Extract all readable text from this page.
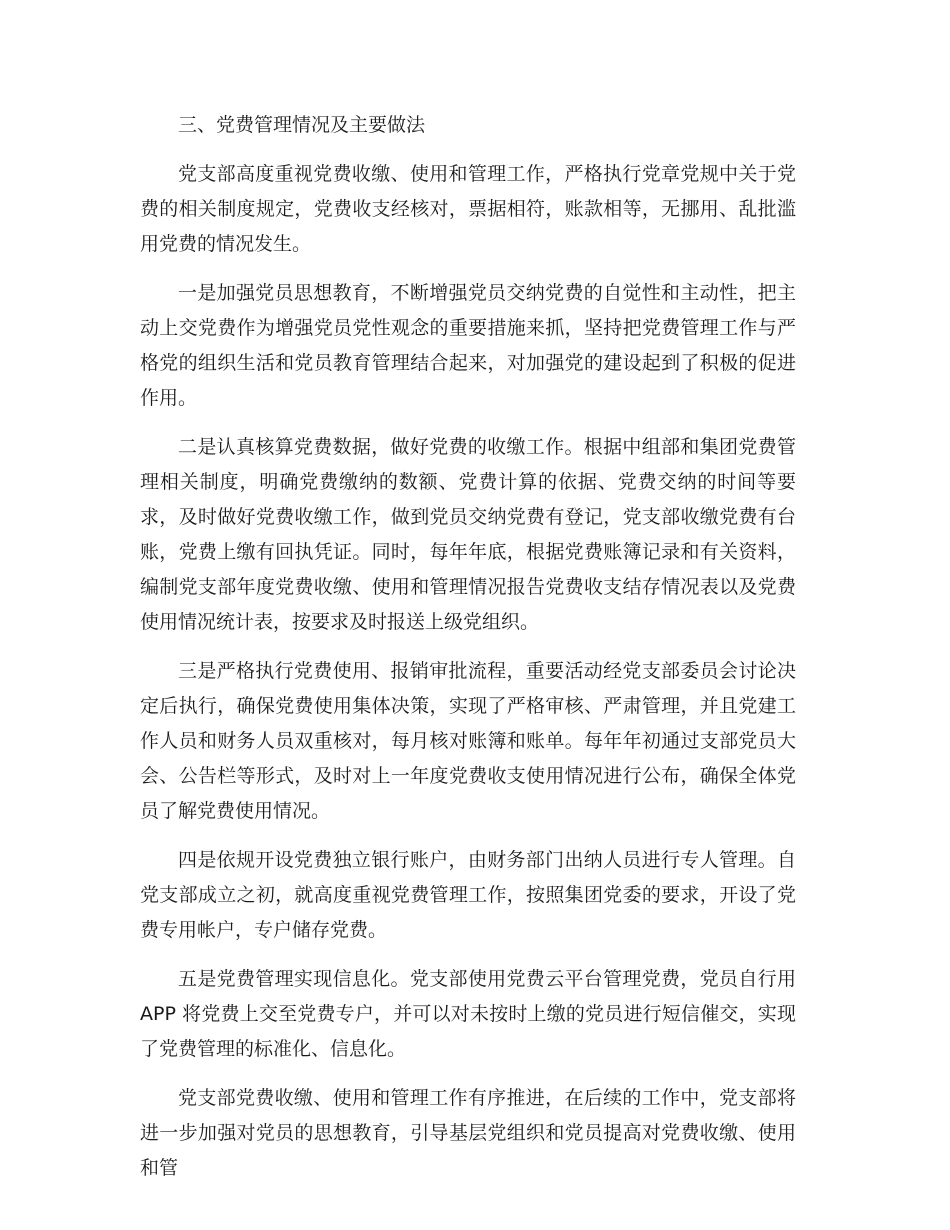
三、党费管理情况及主要做法

党支部高度重视党费收缴、使用和管理工作，严格执行党章党规中关于党费的相关制度规定，党费收支经核对，票据相符，账款相等，无挪用、乱批滥用党费的情况发生。

一是加强党员思想教育，不断增强党员交纳党费的自觉性和主动性，把主动上交党费作为增强党员党性观念的重要措施来抓，坚持把党费管理工作与严格党的组织生活和党员教育管理结合起来，对加强党的建设起到了积极的促进作用。

二是认真核算党费数据，做好党费的收缴工作。根据中组部和集团党费管理相关制度，明确党费缴纳的数额、党费计算的依据、党费交纳的时间等要求，及时做好党费收缴工作，做到党员交纳党费有登记，党支部收缴党费有台账，党费上缴有回执凭证。同时，每年年底，根据党费账簿记录和有关资料，编制党支部年度党费收缴、使用和管理情况报告党费收支结存情况表以及党费使用情况统计表，按要求及时报送上级党组织。

三是严格执行党费使用、报销审批流程，重要活动经党支部委员会讨论决定后执行，确保党费使用集体决策，实现了严格审核、严肃管理，并且党建工作人员和财务人员双重核对，每月核对账簿和账单。每年年初通过支部党员大会、公告栏等形式，及时对上一年度党费收支使用情况进行公布，确保全体党员了解党费使用情况。

四是依规开设党费独立银行账户，由财务部门出纳人员进行专人管理。自党支部成立之初，就高度重视党费管理工作，按照集团党委的要求，开设了党费专用帐户，专户储存党费。

五是党费管理实现信息化。党支部使用党费云平台管理党费，党员自行用 APP 将党费上交至党费专户，并可以对未按时上缴的党员进行短信催交，实现了党费管理的标准化、信息化。

党支部党费收缴、使用和管理工作有序推进，在后续的工作中，党支部将进一步加强对党员的思想教育，引导基层党组织和党员提高对党费收缴、使用和管
